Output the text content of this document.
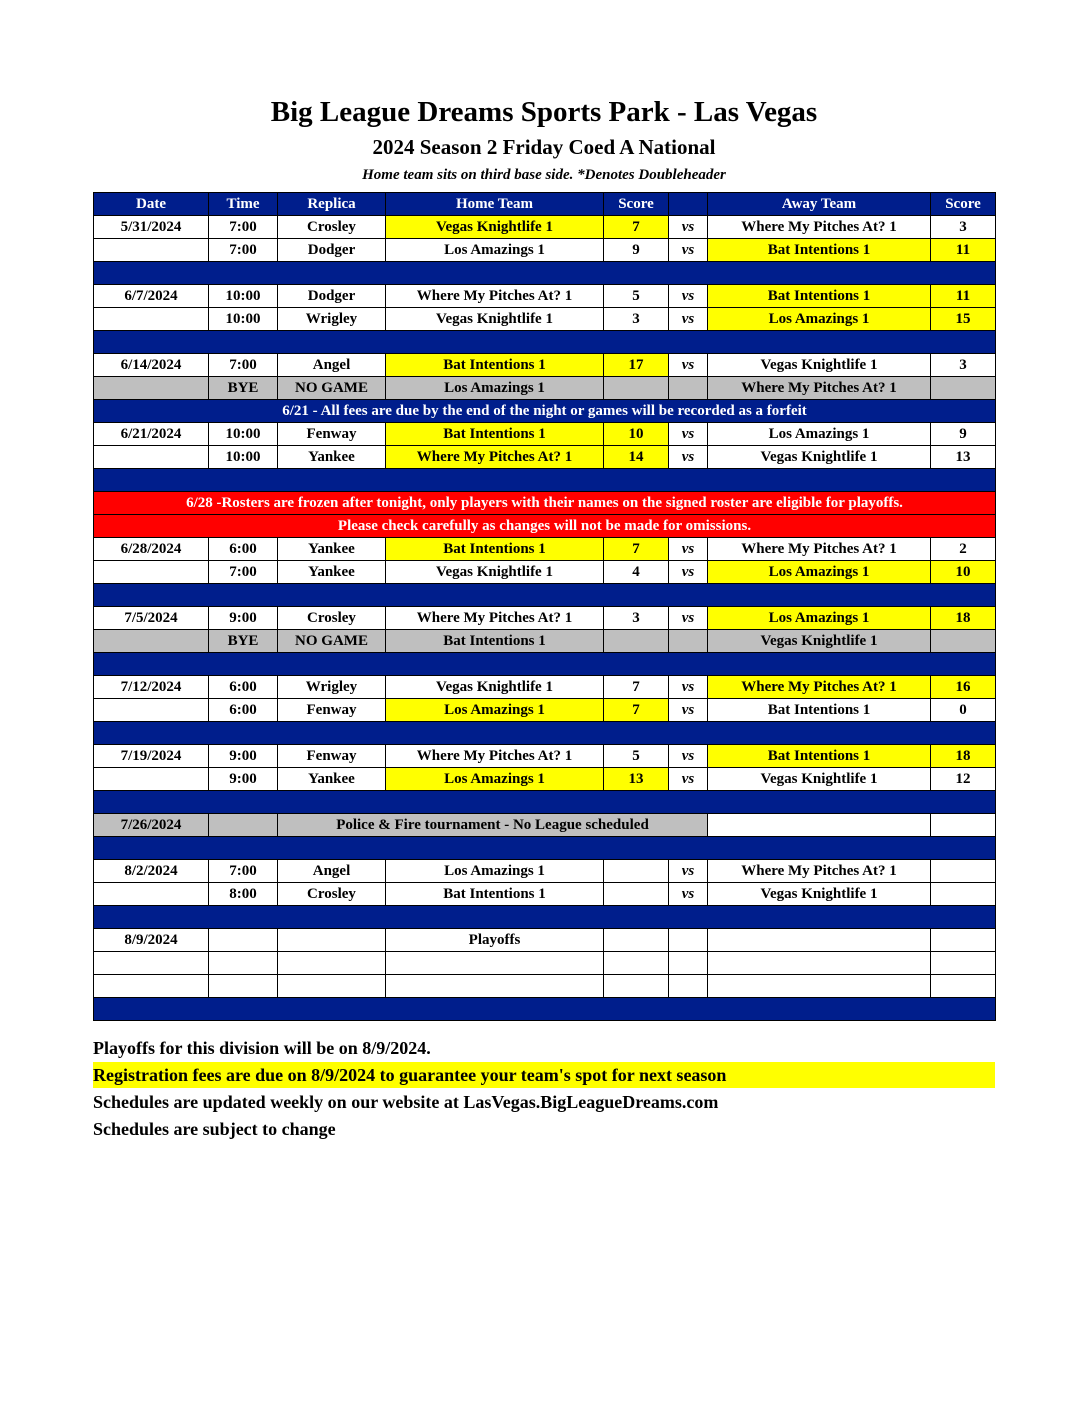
Big League Dreams Sports Park - Las Vegas
2024 Season 2 Friday Coed A National
Home team sits on third base side. *Denotes Doubleheader
Date	Time	Replica	Home Team	Score		Away Team	Score
5/31/2024	7:00	Crosley	Vegas Knightlife 1	7	vs	Where My Pitches At? 1	3
	7:00	Dodger	Los Amazings 1	9	vs	Bat Intentions 1	11

6/7/2024	10:00	Dodger	Where My Pitches At? 1	5	vs	Bat Intentions 1	11
	10:00	Wrigley	Vegas Knightlife 1	3	vs	Los Amazings 1	15

6/14/2024	7:00	Angel	Bat Intentions 1	17	vs	Vegas Knightlife 1	3
	BYE	NO GAME	Los Amazings 1			Where My Pitches At? 1	
6/21 - All fees are due by the end of the night or games will be recorded as a forfeit							
6/21/2024	10:00	Fenway	Bat Intentions 1	10	vs	Los Amazings 1	9
	10:00	Yankee	Where My Pitches At? 1	14	vs	Vegas Knightlife 1	13

6/28 -Rosters are frozen after tonight, only players with their names on the signed roster are eligible for playoffs.							
Please check carefully as changes will not be made for omissions.							
6/28/2024	6:00	Yankee	Bat Intentions 1	7	vs	Where My Pitches At? 1	2
	7:00	Yankee	Vegas Knightlife 1	4	vs	Los Amazings 1	10

7/5/2024	9:00	Crosley	Where My Pitches At? 1	3	vs	Los Amazings 1	18
	BYE	NO GAME	Bat Intentions 1			Vegas Knightlife 1	

7/12/2024	6:00	Wrigley	Vegas Knightlife 1	7	vs	Where My Pitches At? 1	16
	6:00	Fenway	Los Amazings 1	7	vs	Bat Intentions 1	0

7/19/2024	9:00	Fenway	Where My Pitches At? 1	5	vs	Bat Intentions 1	18
	9:00	Yankee	Los Amazings 1	13	vs	Vegas Knightlife 1	12

7/26/2024		Police & Fire tournament - No League scheduled					

8/2/2024	7:00	Angel	Los Amazings 1		vs	Where My Pitches At? 1	
	8:00	Crosley	Bat Intentions 1		vs	Vegas Knightlife 1	

8/9/2024			Playoffs				

Playoffs for this division will be on 8/9/2024.
Registration fees are due on 8/9/2024 to guarantee your team's spot for next season
Schedules are updated weekly on our website at LasVegas.BigLeagueDreams.com
Schedules are subject to change
